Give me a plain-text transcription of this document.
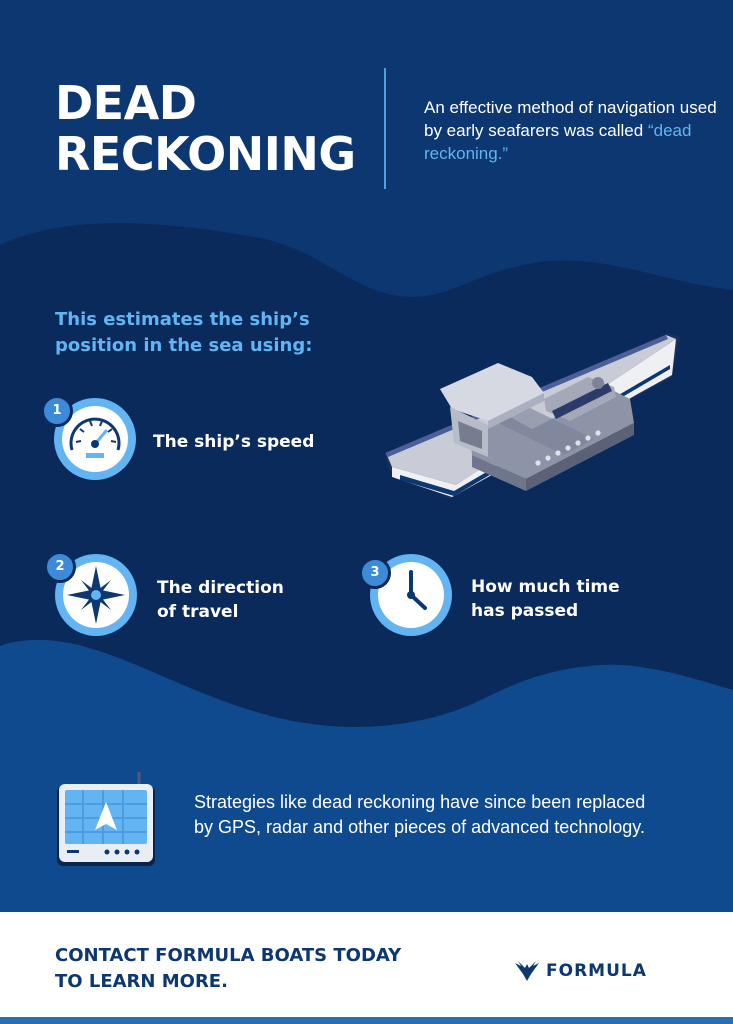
DEAD
RECKONING
An effective method of navigation used by early seafarers was called “dead reckoning.”
This estimates the ship’s position in the sea using:
1
The ship’s speed
2
The direction
of travel
3
How much time
has passed
Strategies like dead reckoning have since been replaced by GPS, radar and other pieces of advanced technology.
CONTACT FORMULA BOATS TODAY
TO LEARN MORE.	FORMULA
